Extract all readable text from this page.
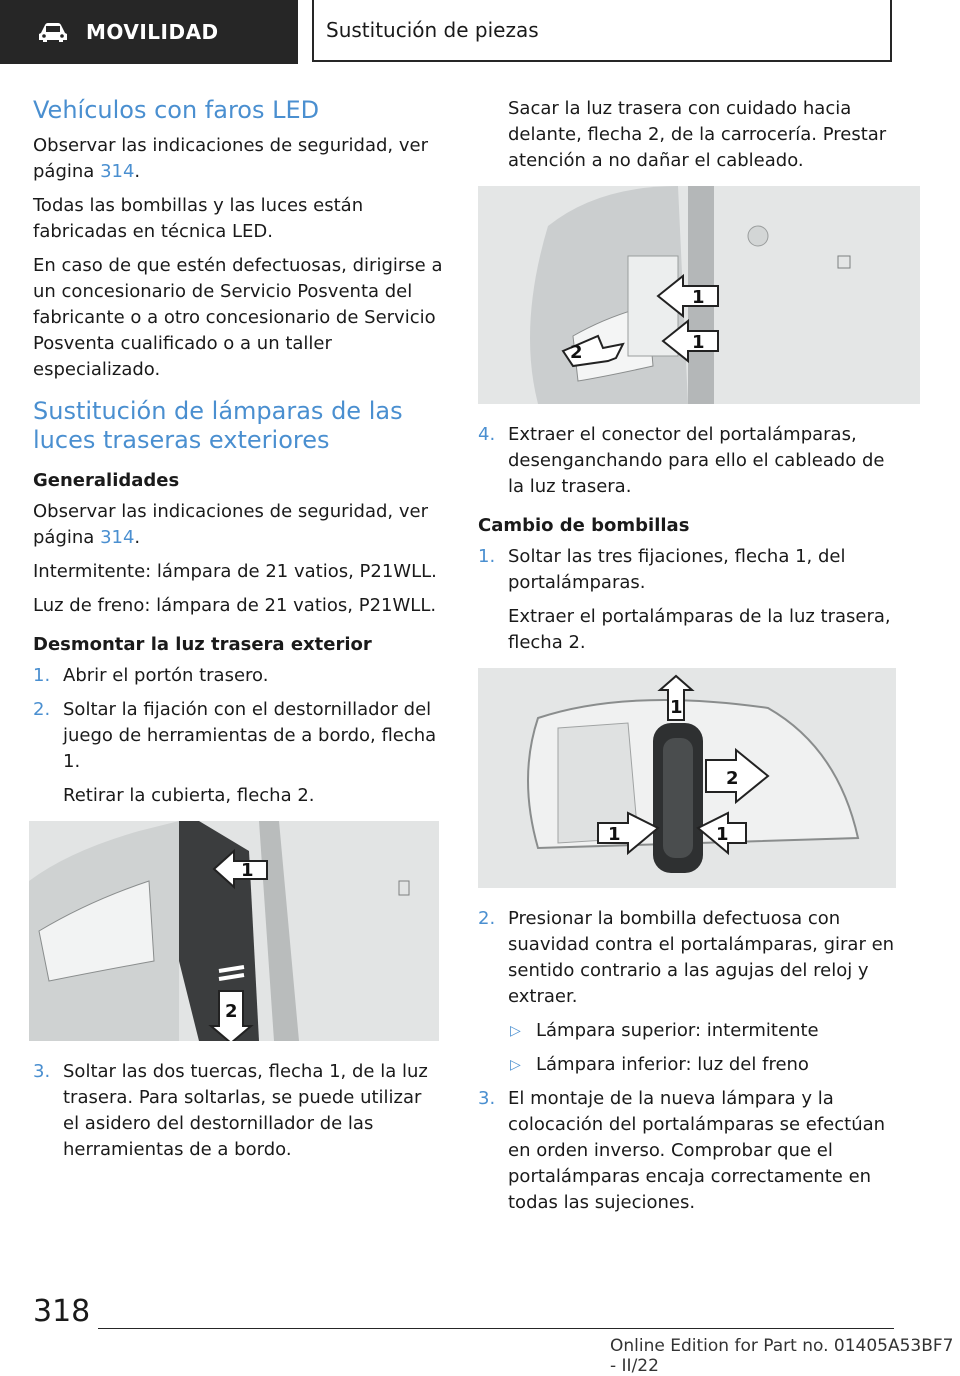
MOVILIDAD	Sustitución de piezas
Vehículos con faros LED

Observar las indicaciones de seguridad, ver página 314.

Todas las bombillas y las luces están fabricadas en técnica LED.

En caso de que estén defectuosas, dirigirse a un concesionario de Servicio Posventa del fabricante o a otro concesionario de Servicio Posventa cualificado o a un taller especializado.

Sustitución de lámparas de las luces traseras exteriores
Generalidades

Observar las indicaciones de seguridad, ver página 314.

Intermitente: lámpara de 21 vatios, P21WLL.

Luz de freno: lámpara de 21 vatios, P21WLL.

Desmontar la luz trasera exterior
1. Abrir el portón trasero.
2. Soltar la fijación con el destornillador del juego de herramientas de a bordo, flecha 1.
Retirar la cubierta, flecha 2.
1
2
3. Soltar las dos tuercas, flecha 1, de la luz trasera. Para soltarlas, se puede utilizar el asidero del destornillador de las herramientas de a bordo.
Sacar la luz trasera con cuidado hacia delante, flecha 2, de la carrocería. Prestar atención a no dañar el cableado.
1
2	1
4. Extraer el conector del portalámparas, desenganchando para ello el cableado de la luz trasera.
Cambio de bombillas
1. Soltar las tres fijaciones, flecha 1, del portalámparas.
Extraer el portalámparas de la luz trasera, flecha 2.
1
2
1	1
2. Presionar la bombilla defectuosa con suavidad contra el portalámparas, girar en sentido contrario a las agujas del reloj y extraer.
▷ Lámpara superior: intermitente
▷ Lámpara inferior: luz del freno
3. El montaje de la nueva lámpara y la colocación del portalámparas se efectúan en orden inverso. Comprobar que el portalámparas encaja correctamente en todas las sujeciones.
318
Online Edition for Part no. 01405A53BF7 - II/22
